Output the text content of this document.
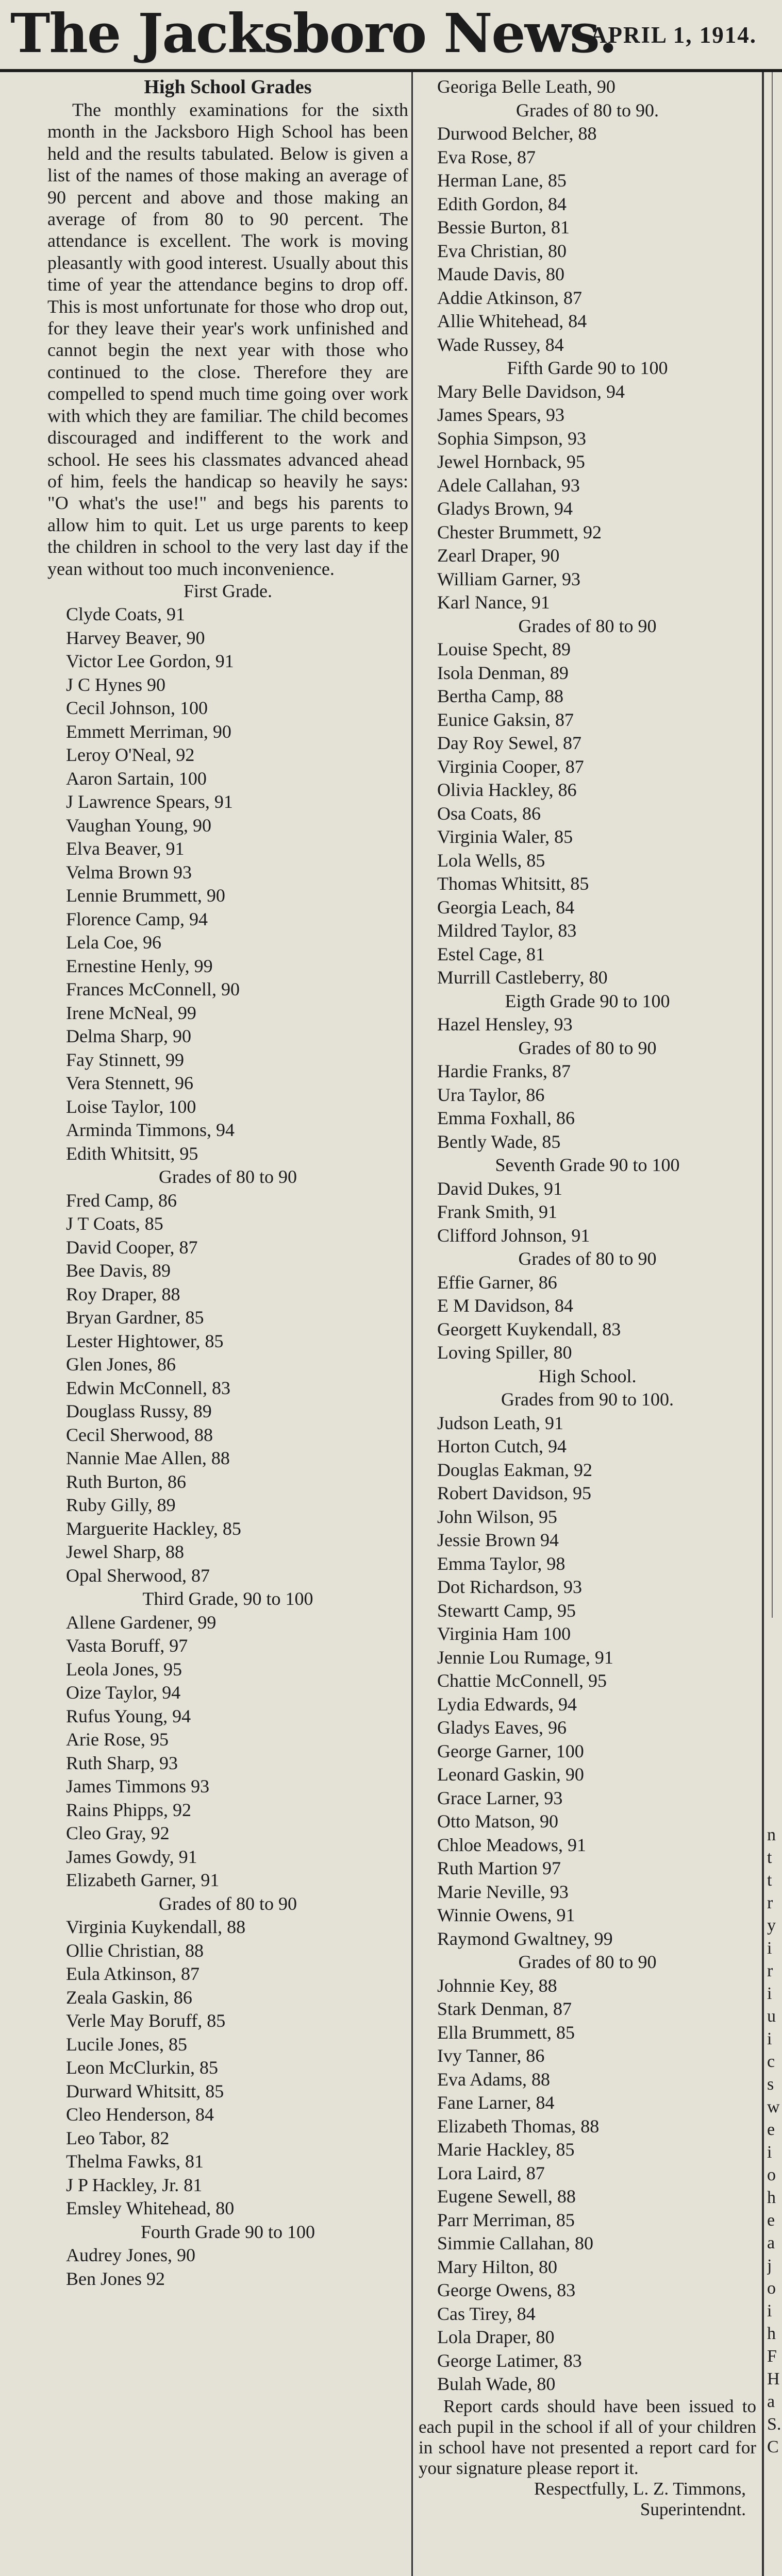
The Jacksboro News.
APRIL 1, 1914.
High School Grades

The monthly examinations for the sixth month in the Jacksboro High School has been held and the results tabulated. Below is given a list of the names of those making an average of 90 percent and above and those making an average of from 80 to 90 percent. The attendance is excellent. The work is moving pleasantly with good interest. Usually about this time of year the attendance begins to drop off. This is most unfortunate for those who drop out, for they leave their year's work unfinished and cannot begin the next year with those who continued to the close. Therefore they are compelled to spend much time going over work with which they are familiar. The child becomes discouraged and indifferent to the work and school. He sees his classmates advanced ahead of him, feels the handicap so heavily he says: "O what's the use!" and begs his parents to allow him to quit. Let us urge parents to keep the children in school to the very last day if the yean without too much inconvenience.

First Grade.
Clyde Coats, 91
Harvey Beaver, 90
Victor Lee Gordon, 91
J C Hynes 90
Cecil Johnson, 100
Emmett Merriman, 90
Leroy O'Neal, 92
Aaron Sartain, 100
J Lawrence Spears, 91
Vaughan Young, 90
Elva Beaver, 91
Velma Brown 93
Lennie Brummett, 90
Florence Camp, 94
Lela Coe, 96
Ernestine Henly, 99
Frances McConnell, 90
Irene McNeal, 99
Delma Sharp, 90
Fay Stinnett, 99
Vera Stennett, 96
Loise Taylor, 100
Arminda Timmons, 94
Edith Whitsitt, 95
Grades of 80 to 90
Fred Camp, 86
J T Coats, 85
David Cooper, 87
Bee Davis, 89
Roy Draper, 88
Bryan Gardner, 85
Lester Hightower, 85
Glen Jones, 86
Edwin McConnell, 83
Douglass Russy, 89
Cecil Sherwood, 88
Nannie Mae Allen, 88
Ruth Burton, 86
Ruby Gilly, 89
Marguerite Hackley, 85
Jewel Sharp, 88
Opal Sherwood, 87
Third Grade, 90 to 100
Allene Gardener, 99
Vasta Boruff, 97
Leola Jones, 95
Oize Taylor, 94
Rufus Young, 94
Arie Rose, 95
Ruth Sharp, 93
James Timmons 93
Rains Phipps, 92
Cleo Gray, 92
James Gowdy, 91
Elizabeth Garner, 91
Grades of 80 to 90
Virginia Kuykendall, 88
Ollie Christian, 88
Eula Atkinson, 87
Zeala Gaskin, 86
Verle May Boruff, 85
Lucile Jones, 85
Leon McClurkin, 85
Durward Whitsitt, 85
Cleo Henderson, 84
Leo Tabor, 82
Thelma Fawks, 81
J P Hackley, Jr. 81
Emsley Whitehead, 80
Fourth Grade 90 to 100
Audrey Jones, 90
Ben Jones 92
Georiga Belle Leath, 90
Grades of 80 to 90.
Durwood Belcher, 88
Eva Rose, 87
Herman Lane, 85
Edith Gordon, 84
Bessie Burton, 81
Eva Christian, 80
Maude Davis, 80
Addie Atkinson, 87
Allie Whitehead, 84
Wade Russey, 84
Fifth Garde 90 to 100
Mary Belle Davidson, 94
James Spears, 93
Sophia Simpson, 93
Jewel Hornback, 95
Adele Callahan, 93
Gladys Brown, 94
Chester Brummett, 92
Zearl Draper, 90
William Garner, 93
Karl Nance, 91
Grades of 80 to 90
Louise Specht, 89
Isola Denman, 89
Bertha Camp, 88
Eunice Gaksin, 87
Day Roy Sewel, 87
Virginia Cooper, 87
Olivia Hackley, 86
Osa Coats, 86
Virginia Waler, 85
Lola Wells, 85
Thomas Whitsitt, 85
Georgia Leach, 84
Mildred Taylor, 83
Estel Cage, 81
Murrill Castleberry, 80
Eigth Grade 90 to 100
Hazel Hensley, 93
Grades of 80 to 90
Hardie Franks, 87
Ura Taylor, 86
Emma Foxhall, 86
Bently Wade, 85
Seventh Grade 90 to 100
David Dukes, 91
Frank Smith, 91
Clifford Johnson, 91
Grades of 80 to 90
Effie Garner, 86
E M Davidson, 84
Georgett Kuykendall, 83
Loving Spiller, 80
High School.
Grades from 90 to 100.
Judson Leath, 91
Horton Cutch, 94
Douglas Eakman, 92
Robert Davidson, 95
John Wilson, 95
Jessie Brown 94
Emma Taylor, 98
Dot Richardson, 93
Stewartt Camp, 95
Virginia Ham 100
Jennie Lou Rumage, 91
Chattie McConnell, 95
Lydia Edwards, 94
Gladys Eaves, 96
George Garner, 100
Leonard Gaskin, 90
Grace Larner, 93
Otto Matson, 90
Chloe Meadows, 91
Ruth Martion 97
Marie Neville, 93
Winnie Owens, 91
Raymond Gwaltney, 99
Grades of 80 to 90
Johnnie Key, 88
Stark Denman, 87
Ella Brummett, 85
Ivy Tanner, 86
Eva Adams, 88
Fane Larner, 84
Elizabeth Thomas, 88
Marie Hackley, 85
Lora Laird, 87
Eugene Sewell, 88
Parr Merriman, 85
Simmie Callahan, 80
Mary Hilton, 80
George Owens, 83
Cas Tirey, 84
Lola Draper, 80
George Latimer, 83
Bulah Wade, 80

Report cards should have been issued to each pupil in the school if all of your children in school have not presented a report card for your signature please report it.

Respectfully, L. Z. Timmons,
Superintendnt.
n
t
t
r
y
i
r
i
u
i
c
s
w
e
i
o
h
e
a
j
o
i
h
F
H
a
S.
C
